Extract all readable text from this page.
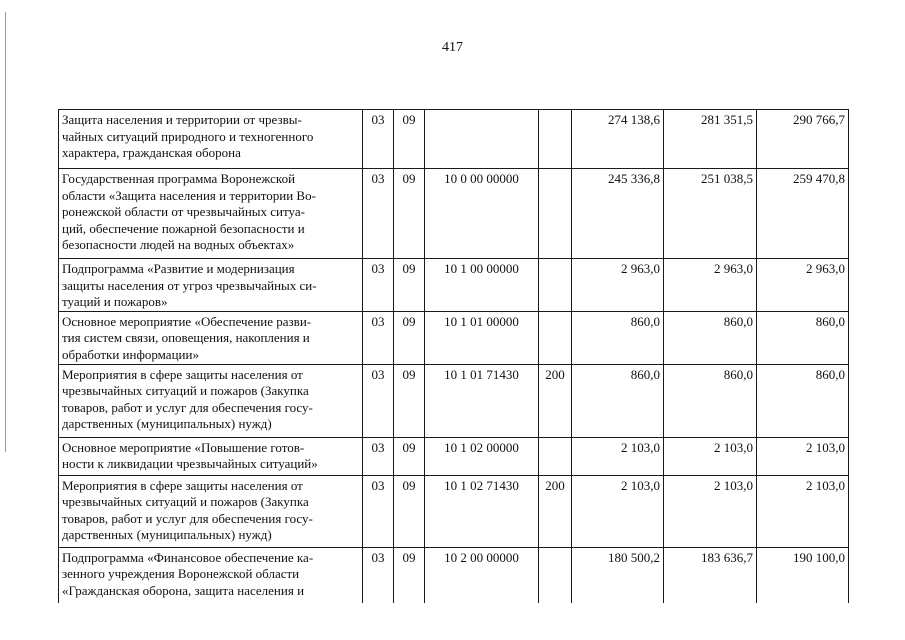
417
Защита населения и территории от чрезвы-
чайных ситуаций природного и техногенного
характера, гражданская оборона	03	09			274 138,6	281 351,5	290 766,7
Государственная программа Воронежской
области «Защита населения и территории Во-
ронежской области от чрезвычайных ситуа-
ций, обеспечение пожарной безопасности и
безопасности людей на водных объектах»	03	09	10 0 00 00000		245 336,8	251 038,5	259 470,8
Подпрограмма «Развитие и модернизация
защиты населения от угроз чрезвычайных си-
туаций и пожаров»	03	09	10 1 00 00000		2 963,0	2 963,0	2 963,0
Основное мероприятие «Обеспечение разви-
тия систем связи, оповещения, накопления и
обработки информации»	03	09	10 1 01 00000		860,0	860,0	860,0
Мероприятия в сфере защиты населения от
чрезвычайных ситуаций и пожаров (Закупка
товаров, работ и услуг для обеспечения госу-
дарственных (муниципальных) нужд)	03	09	10 1 01 71430	200	860,0	860,0	860,0
Основное мероприятие «Повышение готов-
ности к ликвидации чрезвычайных ситуаций»	03	09	10 1 02 00000		2 103,0	2 103,0	2 103,0
Мероприятия в сфере защиты населения от
чрезвычайных ситуаций и пожаров (Закупка
товаров, работ и услуг для обеспечения госу-
дарственных (муниципальных) нужд)	03	09	10 1 02 71430	200	2 103,0	2 103,0	2 103,0
Подпрограмма «Финансовое обеспечение ка-
зенного учреждения Воронежской области
«Гражданская оборона, защита населения и	03	09	10 2 00 00000		180 500,2	183 636,7	190 100,0
